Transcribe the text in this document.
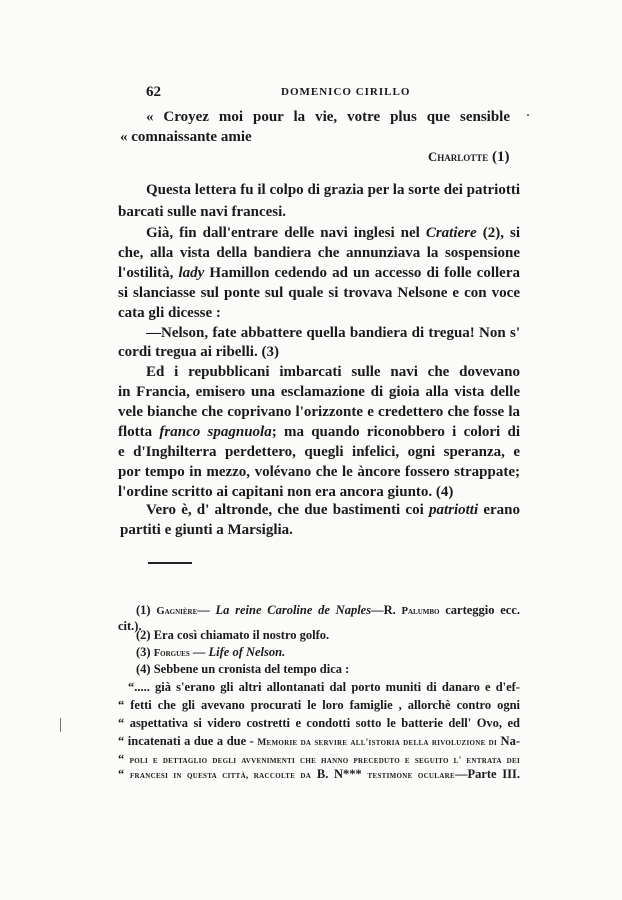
62	DOMENICO CIRILLO
« Croyez moi pour la vie, votre plus que sensible
« comnaissante amie
Charlotte (1)
Questa lettera fu il colpo di grazia per la sorte dei patriotti
barcati sulle navi francesi.
Già, fin dall'entrare delle navi inglesi nel Cratiere (2), si
che, alla vista della bandiera che annunziava la sospensione
l'ostilità, lady Hamillon cedendo ad un accesso di folle collera
si slanciasse sul ponte sul quale si trovava Nelsone e con voce
cata gli dicesse :
—Nelson, fate abbattere quella bandiera di tregua! Non s'
cordi tregua ai ribelli. (3)
Ed i repubblicani imbarcati sulle navi che dovevano
in Francia, emisero una esclamazione di gioia alla vista delle
vele bianche che coprivano l'orizzonte e credettero che fosse la
flotta franco spagnuola; ma quando riconobbero i colori di
e d'Inghilterra perdettero, quegli infelici, ogni speranza, e
por tempo in mezzo, volévano che le àncore fossero strappate;
l'ordine scritto ai capitani non era ancora giunto. (4)
Vero è, d' altronde, che due bastimenti coi patriotti erano
partiti e giunti a Marsiglia.
(1) Gagnière— La reine Caroline de Naples—R. Palumbo carteggio ecc.
cit.).
(2) Era così chiamato il nostro golfo.
(3) Forgues — Life of Nelson.
(4) Sebbene un cronista del tempo dica :
“..... già s'erano gli altri allontanati dal porto muniti di danaro e d'ef-
“ fetti che gli avevano procurati le loro famiglie , allorchè contro ogni
“ aspettativa si videro costretti e condotti sotto le batterie dell' Ovo, ed
“ incatenati a due a due - Memorie da servire all'istoria della rivoluzione di Na-
“ poli e dettaglio degli avvenimenti che hanno preceduto e seguito l' entrata dei
“ francesi in questa città, raccolte da B. N*** testimone oculare—Parte III.
